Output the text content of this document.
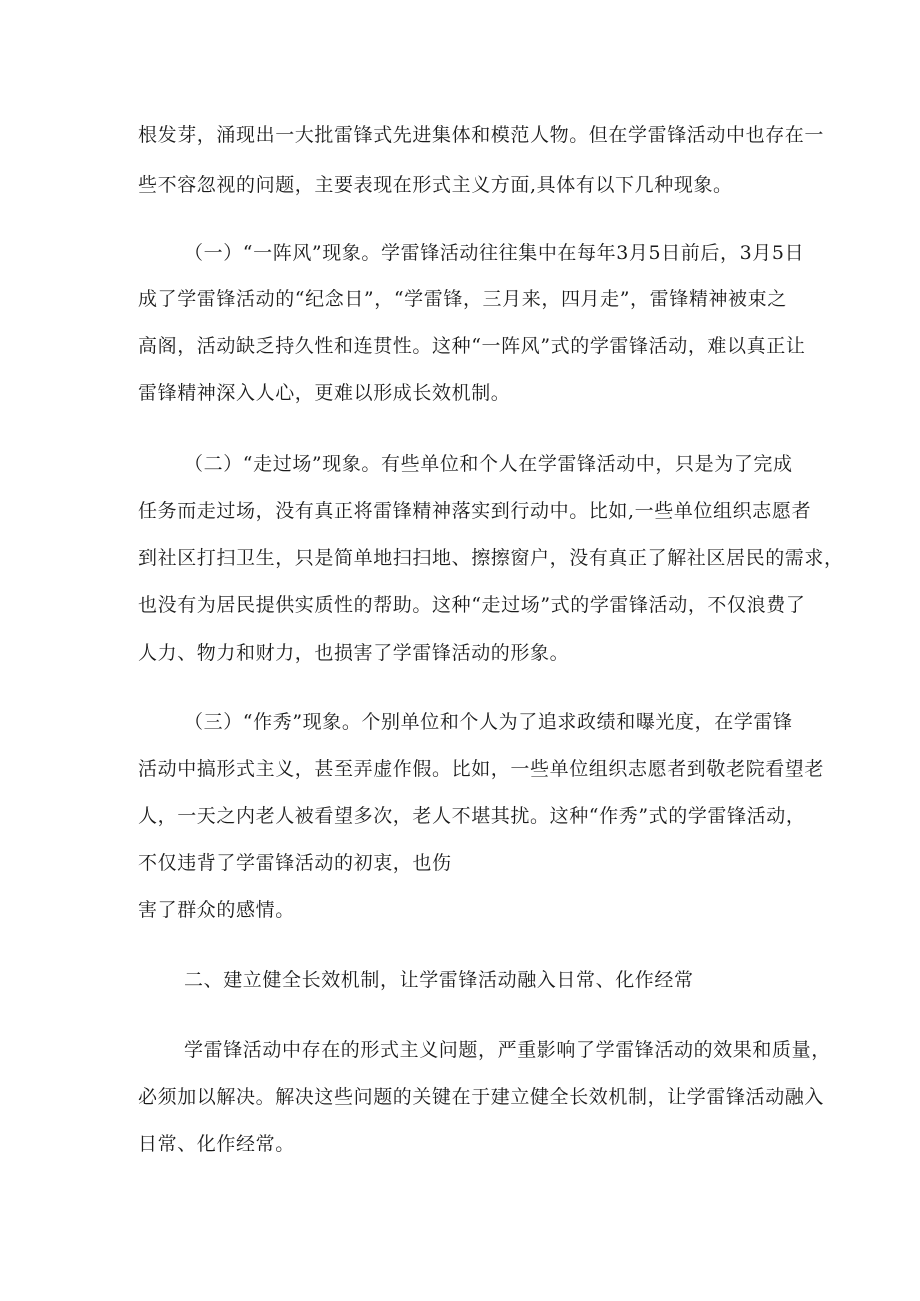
根发芽，涌现出一大批雷锋式先进集体和模范人物。但在学雷锋活动中也存在一

些不容忽视的问题，主要表现在形式主义方面,具体有以下几种现象。

（一）“一阵风”现象。学雷锋活动往往集中在每年3月5日前后，3月5日

成了学雷锋活动的“纪念日”，“学雷锋，三月来，四月走”，雷锋精神被束之

高阁，活动缺乏持久性和连贯性。这种“一阵风”式的学雷锋活动，难以真正让

雷锋精神深入人心，更难以形成长效机制。

（二）“走过场”现象。有些单位和个人在学雷锋活动中，只是为了完成

任务而走过场，没有真正将雷锋精神落实到行动中。比如,一些单位组织志愿者

到社区打扫卫生，只是简单地扫扫地、擦擦窗户，没有真正了解社区居民的需求，

也没有为居民提供实质性的帮助。这种“走过场”式的学雷锋活动，不仅浪费了

人力、物力和财力，也损害了学雷锋活动的形象。

（三）“作秀”现象。个别单位和个人为了追求政绩和曝光度，在学雷锋

活动中搞形式主义，甚至弄虚作假。比如，一些单位组织志愿者到敬老院看望老

人，一天之内老人被看望多次，老人不堪其扰。这种“作秀”式的学雷锋活动，

不仅违背了学雷锋活动的初衷，也伤

害了群众的感情。

二、建立健全长效机制，让学雷锋活动融入日常、化作经常

学雷锋活动中存在的形式主义问题，严重影响了学雷锋活动的效果和质量，

必须加以解决。解决这些问题的关键在于建立健全长效机制，让学雷锋活动融入

日常、化作经常。
